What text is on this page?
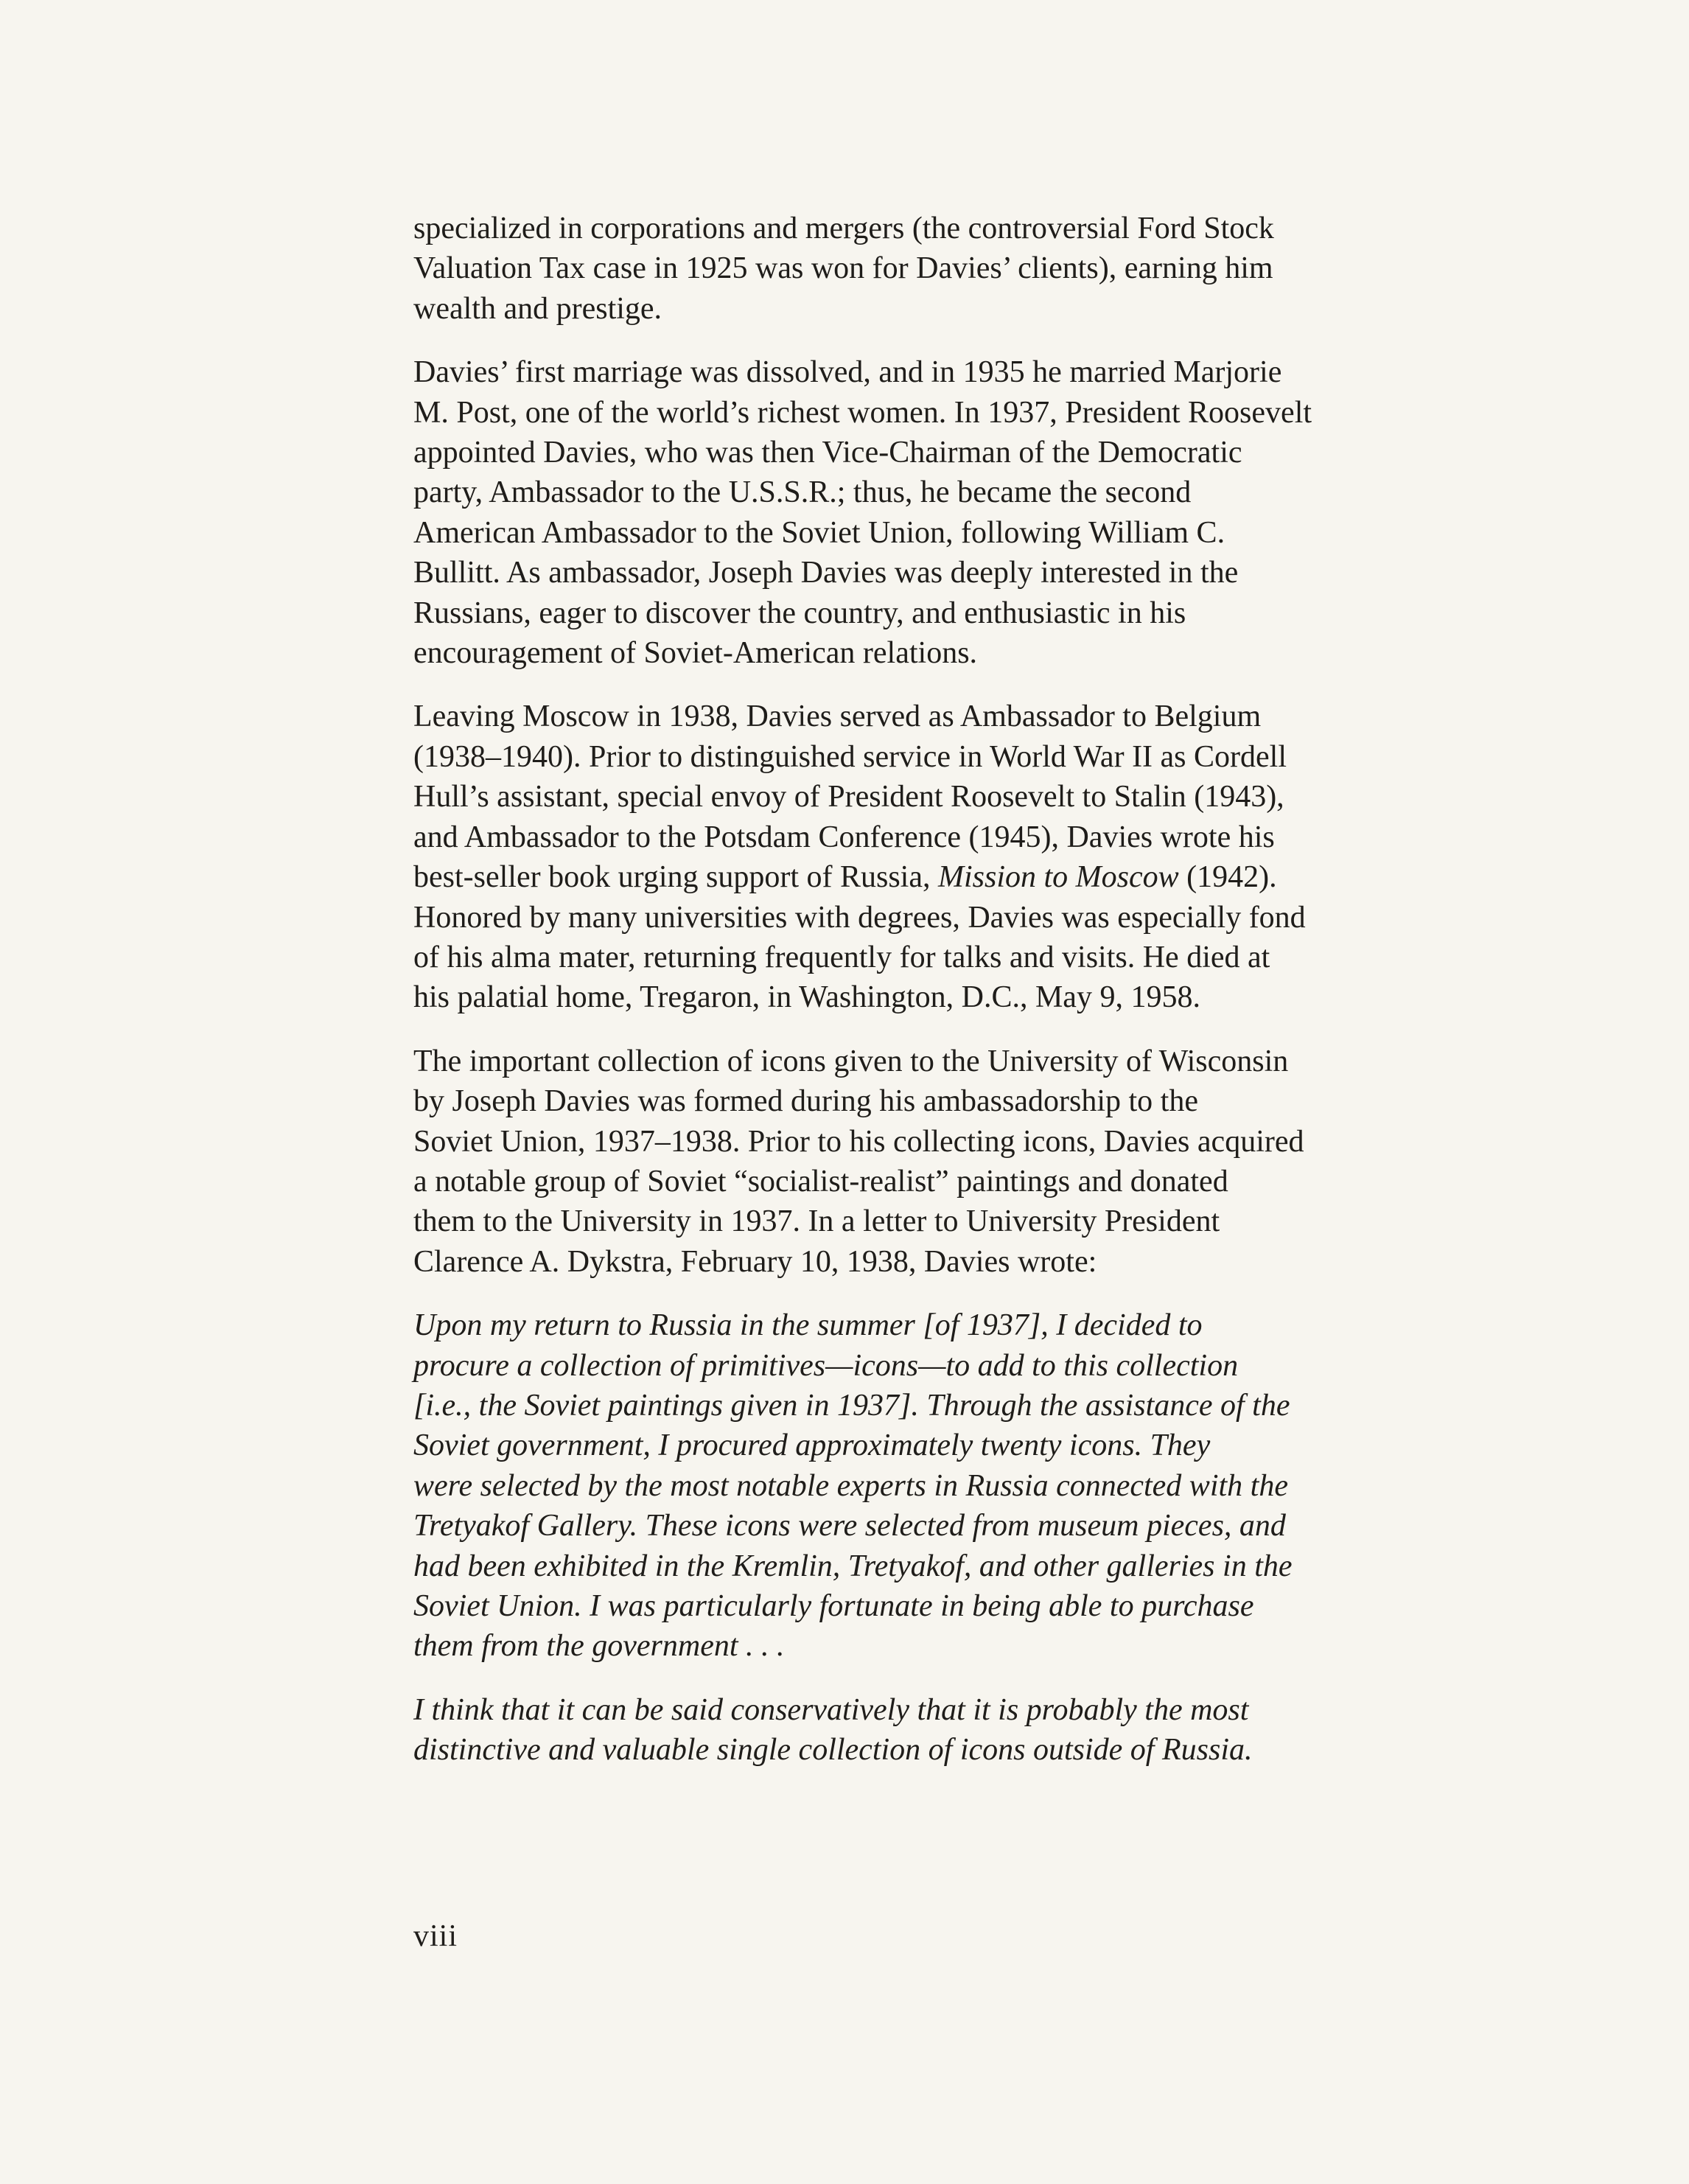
specialized in corporations and mergers (the controversial Ford Stock
Valuation Tax case in 1925 was won for Davies’ clients), earning him
wealth and prestige.

Davies’ first marriage was dissolved, and in 1935 he married Marjorie
M. Post, one of the world’s richest women. In 1937, President Roosevelt
appointed Davies, who was then Vice-Chairman of the Democratic
party, Ambassador to the U.S.S.R.; thus, he became the second
American Ambassador to the Soviet Union, following William C.
Bullitt. As ambassador, Joseph Davies was deeply interested in the
Russians, eager to discover the country, and enthusiastic in his
encouragement of Soviet-American relations.

Leaving Moscow in 1938, Davies served as Ambassador to Belgium
(1938–1940). Prior to distinguished service in World War II as Cordell
Hull’s assistant, special envoy of President Roosevelt to Stalin (1943),
and Ambassador to the Potsdam Conference (1945), Davies wrote his
best-seller book urging support of Russia, Mission to Moscow (1942).
Honored by many universities with degrees, Davies was especially fond
of his alma mater, returning frequently for talks and visits. He died at
his palatial home, Tregaron, in Washington, D.C., May 9, 1958.

The important collection of icons given to the University of Wisconsin
by Joseph Davies was formed during his ambassadorship to the
Soviet Union, 1937–1938. Prior to his collecting icons, Davies acquired
a notable group of Soviet “socialist-realist” paintings and donated
them to the University in 1937. In a letter to University President
Clarence A. Dykstra, February 10, 1938, Davies wrote:

Upon my return to Russia in the summer [of 1937], I decided to
procure a collection of primitives—icons—to add to this collection
[i.e., the Soviet paintings given in 1937]. Through the assistance of the
Soviet government, I procured approximately twenty icons. They
were selected by the most notable experts in Russia connected with the
Tretyakof Gallery. These icons were selected from museum pieces, and
had been exhibited in the Kremlin, Tretyakof, and other galleries in the
Soviet Union. I was particularly fortunate in being able to purchase
them from the government . . .

I think that it can be said conservatively that it is probably the most
distinctive and valuable single collection of icons outside of Russia.

viii
